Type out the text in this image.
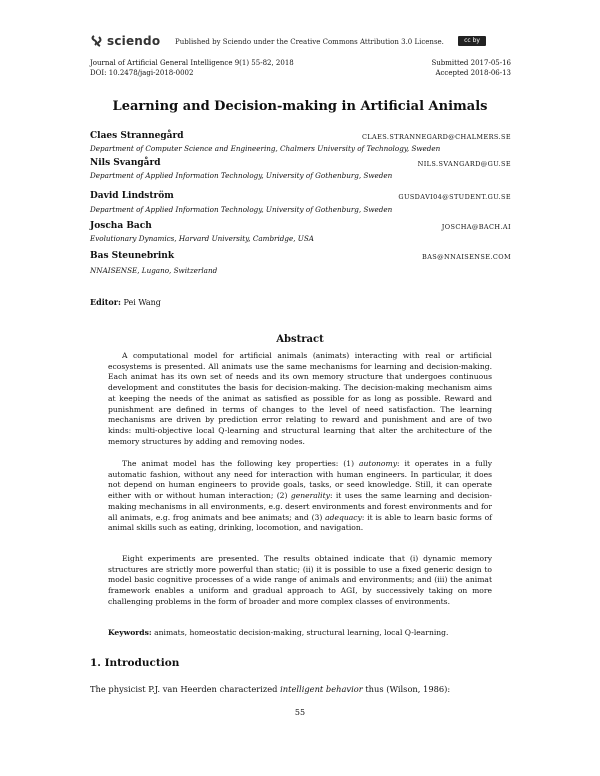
sciendo Published by Sciendo under the Creative Commons Attribution 3.0 License.	cc by
Journal of Artificial General Intelligence 9(1) 55-82, 2018
DOI: 10.2478/jagi-2018-0002
Submitted 2017-05-16
Accepted 2018-06-13
Learning and Decision-making in Artificial Animals
Claes Strannegård	CLAES.STRANNEGARD@CHALMERS.SE
Department of Computer Science and Engineering, Chalmers University of Technology, Sweden
Nils Svangård	NILS.SVANGARD@GU.SE
Department of Applied Information Technology, University of Gothenburg, Sweden
David Lindström	GUSDAVI04@STUDENT.GU.SE
Department of Applied Information Technology, University of Gothenburg, Sweden
Joscha Bach	JOSCHA@BACH.AI
Evolutionary Dynamics, Harvard University, Cambridge, USA
Bas Steunebrink	BAS@NNAISENSE.COM
NNAISENSE, Lugano, Switzerland
Editor: Pei Wang
Abstract
A computational model for artificial animals (animats) interacting with real or artificial ecosystems is presented. All animats use the same mechanisms for learning and decision-making. Each animat has its own set of needs and its own memory structure that undergoes continuous development and constitutes the basis for decision-making. The decision-making mechanism aims at keeping the needs of the animat as satisfied as possible for as long as possible. Reward and punishment are defined in terms of changes to the level of need satisfaction. The learning mechanisms are driven by prediction error relating to reward and punishment and are of two kinds: multi-objective local Q-learning and structural learning that alter the architecture of the memory structures by adding and removing nodes.
The animat model has the following key properties: (1) autonomy: it operates in a fully automatic fashion, without any need for interaction with human engineers. In particular, it does not depend on human engineers to provide goals, tasks, or seed knowledge. Still, it can operate either with or without human interaction; (2) generality: it uses the same learning and decision-making mechanisms in all environments, e.g. desert environments and forest environments and for all animats, e.g. frog animats and bee animats; and (3) adequacy: it is able to learn basic forms of animal skills such as eating, drinking, locomotion, and navigation.
Eight experiments are presented. The results obtained indicate that (i) dynamic memory structures are strictly more powerful than static; (ii) it is possible to use a fixed generic design to model basic cognitive processes of a wide range of animals and environments; and (iii) the animat framework enables a uniform and gradual approach to AGI, by successively taking on more challenging problems in the form of broader and more complex classes of environments.
Keywords: animats, homeostatic decision-making, structural learning, local Q-learning.
1. Introduction
The physicist P.J. van Heerden characterized intelligent behavior thus (Wilson, 1986):
55
